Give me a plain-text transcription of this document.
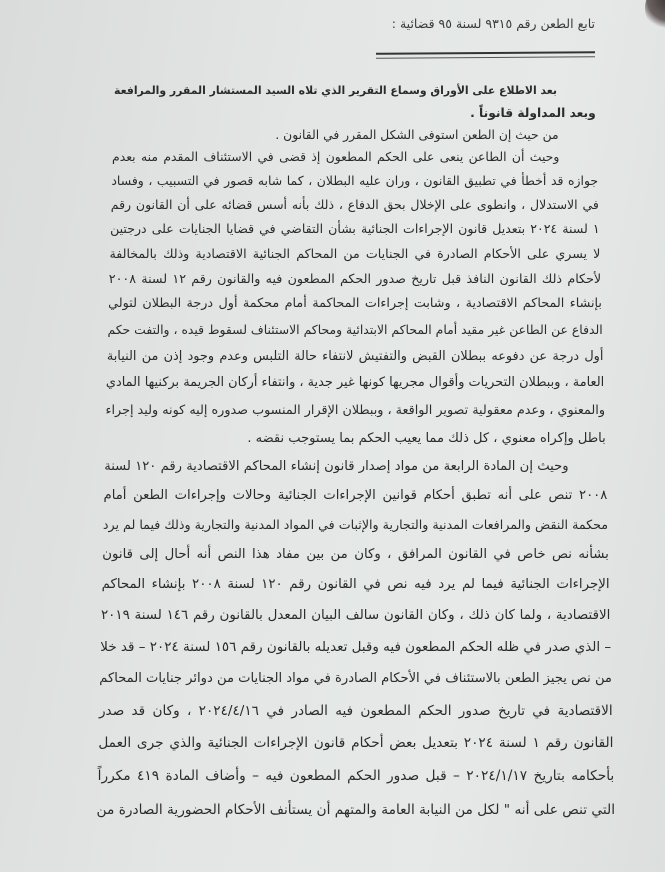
تابع الطعن رقم ٩٣١٥ لسنة ٩٥ قضائية :
بعد الاطلاع على الأوراق وسماع التقرير الذي تلاه السيد المستشار المقرر والمرافعة
وبعد المداولة قانوناً .
من حيث إن الطعن استوفى الشكل المقرر في القانون .
وحيث أن الطاعن ينعى على الحكم المطعون إذ قضى في الاستئناف المقدم منه بعدم
جوازه قد أخطأ في تطبيق القانون ، وران عليه البطلان ، كما شابه قصور في التسبيب ، وفساد
في الاستدلال ، وانطوى على الإخلال بحق الدفاع ، ذلك بأنه أسس قضائه على أن القانون رقم
١ لسنة ٢٠٢٤ بتعديل قانون الإجراءات الجنائية بشأن التقاضي في قضايا الجنايات على درجتين
لا يسري على الأحكام الصادرة في الجنايات من المحاكم الجنائية الاقتصادية وذلك بالمخالفة
لأحكام ذلك القانون النافذ قبل تاريخ صدور الحكم المطعون فيه والقانون رقم ١٢ لسنة ٢٠٠٨
بإنشاء المحاكم الاقتصادية ، وشابت إجراءات المحاكمة أمام محكمة أول درجة البطلان لتولي
الدفاع عن الطاعن غير مقيد أمام المحاكم الابتدائية ومحاكم الاستئناف لسقوط قيده ، والتفت حكم
أول درجة عن دفوعه ببطلان القبض والتفتيش لانتفاء حالة التلبس وعدم وجود إذن من النيابة
العامة ، وببطلان التحريات وأقوال مجريها كونها غير جدية ، وانتفاء أركان الجريمة بركنيها المادي
والمعنوي ، وعدم معقولية تصوير الواقعة ، وببطلان الإقرار المنسوب صدوره إليه كونه وليد إجراء
باطل وإكراه معنوي ، كل ذلك مما يعيب الحكم بما يستوجب نقضه .
وحيث إن المادة الرابعة من مواد إصدار قانون إنشاء المحاكم الاقتصادية رقم ١٢٠ لسنة
٢٠٠٨ تنص على أنه تطبق أحكام قوانين الإجراءات الجنائية وحالات وإجراءات الطعن أمام
محكمة النقض والمرافعات المدنية والتجارية والإثبات في المواد المدنية والتجارية وذلك فيما لم يرد
بشأنه نص خاص في القانون المرافق ، وكان من بين مفاد هذا النص أنه أحال إلى قانون
الإجراءات الجنائية فيما لم يرد فيه نص في القانون رقم ١٢٠ لسنة ٢٠٠٨ بإنشاء المحاكم
الاقتصادية ، ولما كان ذلك ، وكان القانون سالف البيان المعدل بالقانون رقم ١٤٦ لسنة ٢٠١٩
– الذي صدر في ظله الحكم المطعون فيه وقبل تعديله بالقانون رقم ١٥٦ لسنة ٢٠٢٤ – قد خلا
من نص يجيز الطعن بالاستئناف في الأحكام الصادرة في مواد الجنايات من دوائر جنايات المحاكم
الاقتصادية في تاريخ صدور الحكم المطعون فيه الصادر في ٢٠٢٤/٤/١٦ ، وكان قد صدر
القانون رقم ١ لسنة ٢٠٢٤ بتعديل بعض أحكام قانون الإجراءات الجنائية والذي جرى العمل
بأحكامه بتاريخ ٢٠٢٤/١/١٧ – قبل صدور الحكم المطعون فيه – وأضاف المادة ٤١٩ مكرراً
التي تنص على أنه " لكل من النيابة العامة والمتهم أن يستأنف الأحكام الحضورية الصادرة من
